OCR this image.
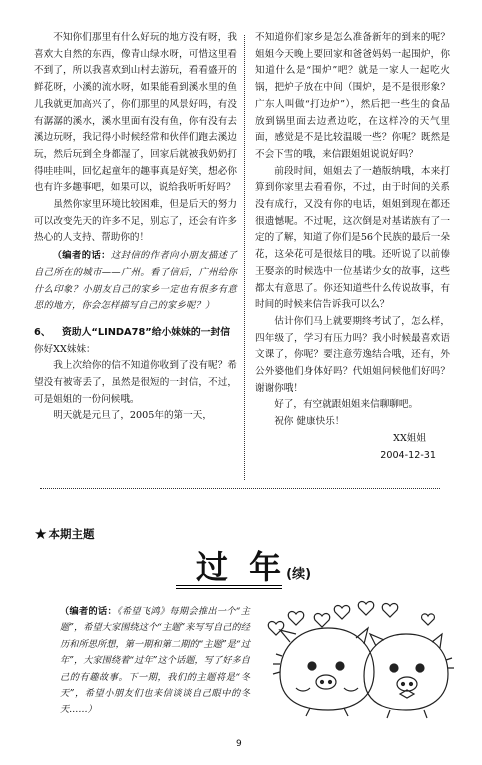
不知你们那里有什么好玩的地方没有呀，我喜欢大自然的东西，像青山绿水呀，可惜这里看不到了，所以我喜欢到山村去游玩，看看盛开的鲜花呀，小溪的流水呀，如果能看到溪水里的鱼儿我就更加高兴了，你们那里的风景好吗，有没有潺潺的溪水，溪水里面有没有鱼，你有没有去溪边玩呀，我记得小时候经常和伙伴们跑去溪边玩，然后玩到全身都湿了，回家后就被我奶奶打得哇哇叫，回忆起童年的趣事真是好笑，想必你也有许多趣事吧，如果可以，说给我听听好吗？

虽然你家里环境比较困难，但是后天的努力可以改变先天的许多不足，别忘了，还会有许多热心的人支持、帮助你的！

（编者的话：这封信的作者向小朋友描述了自己所在的城市——广州。看了信后，广州给你什么印象？小朋友自己的家乡一定也有很多有意思的地方，你会怎样描写自己的家乡呢？）

6、 资助人“LINDA78”给小妹妹的一封信

你好XX妹妹：

我上次给你的信不知道你收到了没有呢？希望没有被寄丢了，虽然是很短的一封信，不过，可是姐姐的一份问候哦。

明天就是元旦了，2005年的第一天，

不知道你们家乡是怎么准备新年的到来的呢？姐姐今天晚上要回家和爸爸妈妈一起围炉，你知道什么是“围炉”吧？就是一家人一起吃火锅，把炉子放在中间（围炉，是不是很形象？广东人叫做“打边炉”），然后把一些生的食品放到锅里面去边煮边吃，在这样冷的天气里面，感觉是不是比较温暖一些？你呢？既然是不会下雪的哦，来信跟姐姐说说好吗？

前段时间，姐姐去了一趟版纳哦，本来打算到你家里去看看你，不过，由于时间的关系没有成行，又没有你的电话，姐姐到现在都还很遗憾呢。不过呢，这次倒是对基诺族有了一定的了解，知道了你们是56个民族的最后一朵花，这朵花可是很炫目的哦。还听说了以前傣王娶亲的时候选中一位基诺少女的故事，这些都太有意思了。你还知道些什么传说故事，有时间的时候来信告诉我可以么？

估计你们马上就要期终考试了，怎么样，四年级了，学习有压力吗？我小时候最喜欢语文课了，你呢？要注意劳逸结合哦，还有，外公外婆他们身体好吗？代姐姐问候他们好吗？谢谢你哦！

好了，有空就跟姐姐来信聊聊吧。

祝你 健康快乐！

XX姐姐

2004-12-31

★本期主题
过 年(续)
（编者的话：《希望飞鸿》每期会推出一个“主题”，希望大家围绕这个“主题”来写写自己的经历和所思所想，第一期和第二期的“主题”是“过年”，大家围绕着“过年”这个话题，写了好多自己的有趣故事。下一期，我们的主题将是“冬天”，希望小朋友们也来信谈谈自己眼中的冬天……）
9
